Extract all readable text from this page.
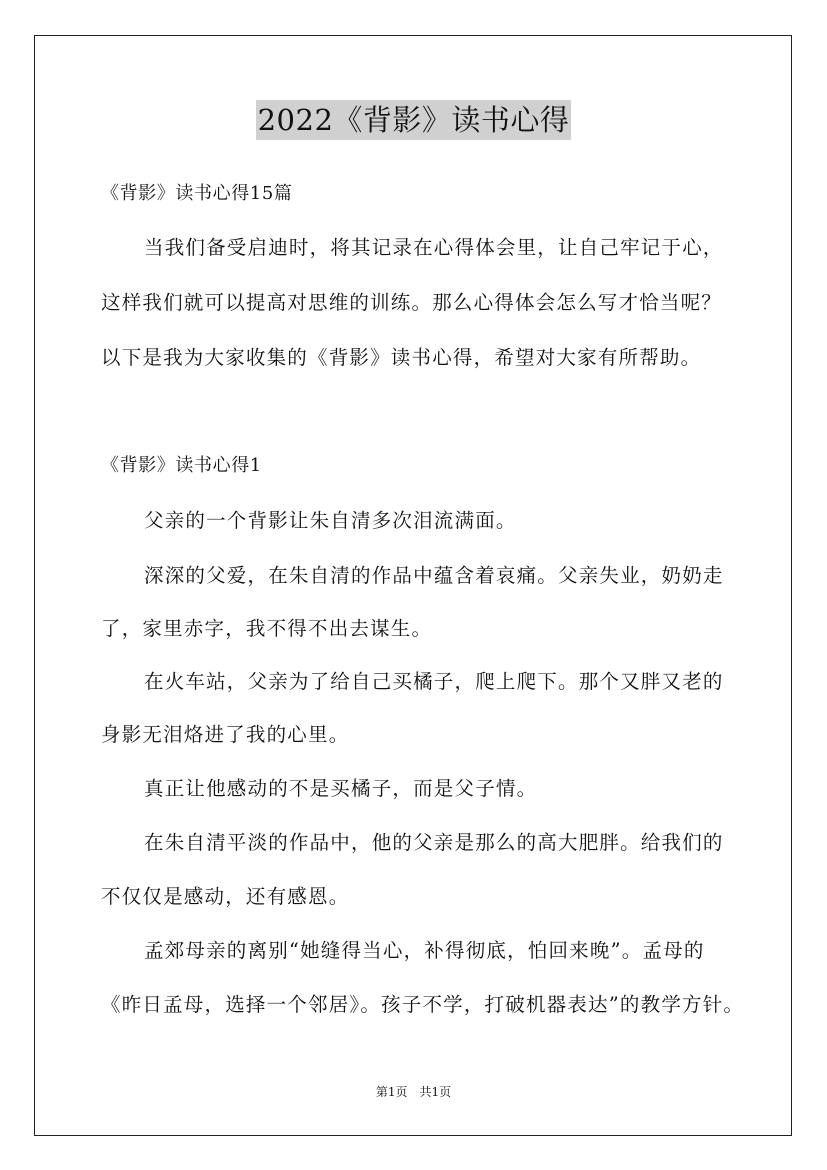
2022《背影》读书心得
《背影》读书心得15篇
当我们备受启迪时，将其记录在心得体会里，让自己牢记于心，
这样我们就可以提高对思维的训练。那么心得体会怎么写才恰当呢？
以下是我为大家收集的《背影》读书心得，希望对大家有所帮助。
《背影》读书心得1
父亲的一个背影让朱自清多次泪流满面。
深深的父爱，在朱自清的作品中蕴含着哀痛。父亲失业，奶奶走
了，家里赤字，我不得不出去谋生。
在火车站，父亲为了给自己买橘子，爬上爬下。那个又胖又老的
身影无泪烙进了我的心里。
真正让他感动的不是买橘子，而是父子情。
在朱自清平淡的作品中，他的父亲是那么的高大肥胖。给我们的
不仅仅是感动，还有感恩。
孟郊母亲的离别“她缝得当心，补得彻底，怕回来晚”。孟母的
《昨日孟母，选择一个邻居》。孩子不学，打破机器表达”的教学方针。
第1页　共1页
